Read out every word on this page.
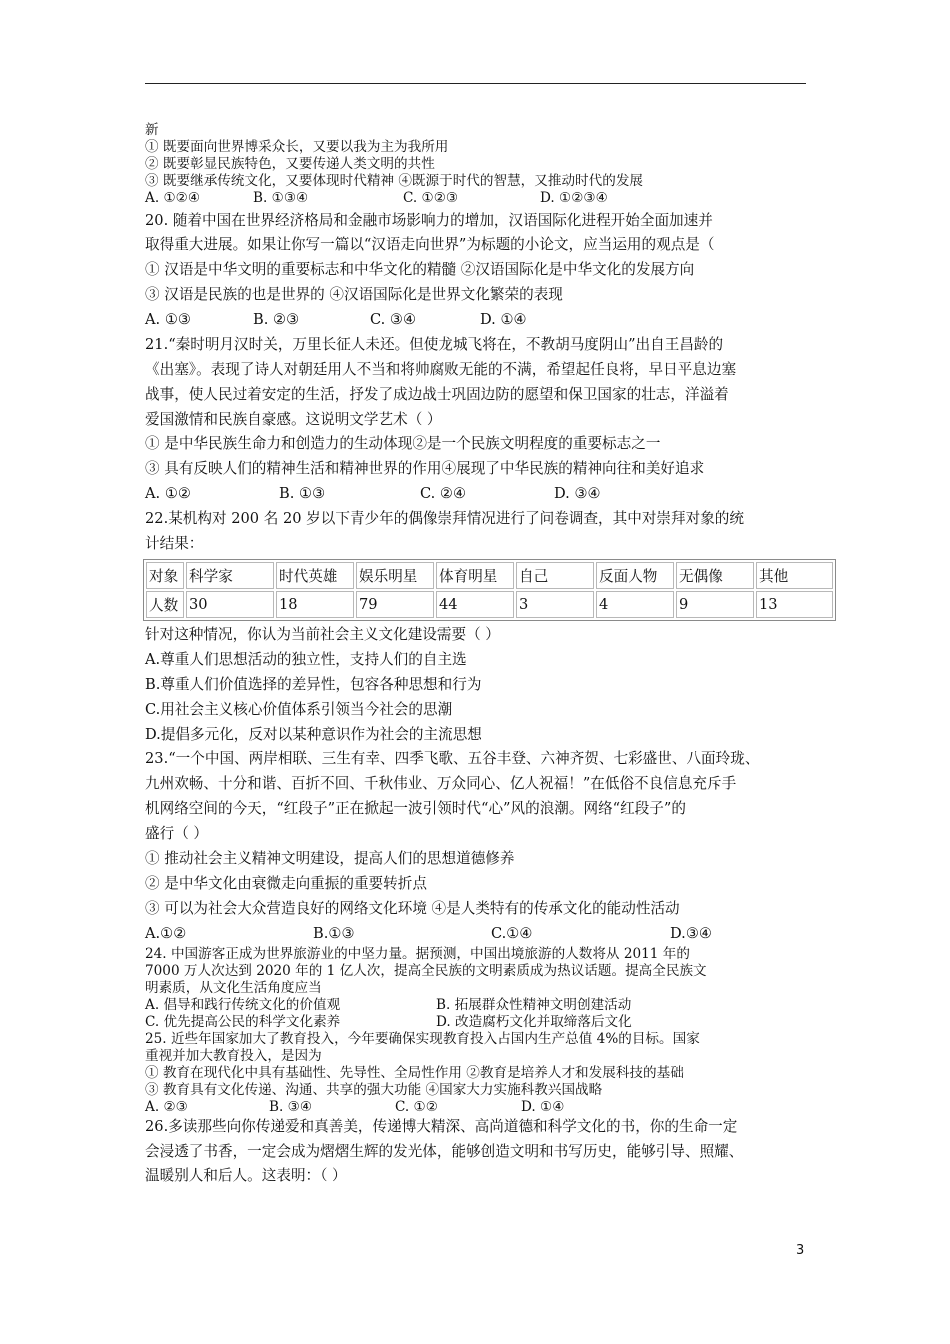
新
① 既要面向世界博采众长，又要以我为主为我所用
② 既要彰显民族特色，又要传递人类文明的共性
③ 既要继承传统文化，又要体现时代精神 ④既源于时代的智慧，又推动时代的发展
A. ①②④	B. ①③④	C. ①②③	D. ①②③④
20. 随着中国在世界经济格局和金融市场影响力的增加，汉语国际化进程开始全面加速并
取得重大进展。如果让你写一篇以“汉语走向世界”为标题的小论文，应当运用的观点是（
① 汉语是中华文明的重要标志和中华文化的精髓 ②汉语国际化是中华文化的发展方向
③ 汉语是民族的也是世界的 ④汉语国际化是世界文化繁荣的表现
A. ①③	B. ②③	C. ③④	D. ①④
21.“秦时明月汉时关，万里长征人未还。但使龙城飞将在，不教胡马度阴山”出自王昌龄的
《出塞》。表现了诗人对朝廷用人不当和将帅腐败无能的不满，希望起任良将，早日平息边塞
战事，使人民过着安定的生活，抒发了成边战士巩固边防的愿望和保卫国家的壮志，洋溢着
爱国激情和民族自豪感。这说明文学艺术（ ）
① 是中华民族生命力和创造力的生动体现②是一个民族文明程度的重要标志之一
③ 具有反映人们的精神生活和精神世界的作用④展现了中华民族的精神向往和美好追求
A. ①②	B. ①③	C. ②④	D. ③④
22.某机构对 200 名 20 岁以下青少年的偶像崇拜情况进行了问卷调查，其中对崇拜对象的统
计结果：
对象	科学家	时代英雄	娱乐明星	体育明星	自己	反面人物	无偶像	其他
人数	30	18	79	44	3	4	9	13
针对这种情况，你认为当前社会主义文化建设需要（ ）
A.尊重人们思想活动的独立性，支持人们的自主选
B.尊重人们价值选择的差异性，包容各种思想和行为
C.用社会主义核心价值体系引领当今社会的思潮
D.提倡多元化，反对以某种意识作为社会的主流思想
23.“一个中国、两岸相联、三生有幸、四季飞歌、五谷丰登、六神齐贺、七彩盛世、八面玲珑、
九州欢畅、十分和谐、百折不回、千秋伟业、万众同心、亿人祝福！”在低俗不良信息充斥手
机网络空间的今天，“红段子”正在掀起一波引领时代“心”风的浪潮。网络“红段子”的
盛行（ ）
① 推动社会主义精神文明建设，提高人们的思想道德修养
② 是中华文化由衰微走向重振的重要转折点
③ 可以为社会大众营造良好的网络文化环境 ④是人类特有的传承文化的能动性活动
A.①②	B.①③	C.①④	D.③④
24. 中国游客正成为世界旅游业的中坚力量。据预测，中国出境旅游的人数将从 2011 年的
7000 万人次达到 2020 年的 1 亿人次，提高全民族的文明素质成为热议话题。提高全民族文
明素质，从文化生活角度应当
A. 倡导和践行传统文化的价值观	B. 拓展群众性精神文明创建活动
C. 优先提高公民的科学文化素养	D. 改造腐朽文化并取缔落后文化
25. 近些年国家加大了教育投入，今年要确保实现教育投入占国内生产总值 4%的目标。国家
重视并加大教育投入，是因为
① 教育在现代化中具有基础性、先导性、全局性作用 ②教育是培养人才和发展科技的基础
③ 教育具有文化传递、沟通、共享的强大功能 ④国家大力实施科教兴国战略
A. ②③	B. ③④	C. ①②	D. ①④
26.多读那些向你传递爱和真善美，传递博大精深、高尚道德和科学文化的书，你的生命一定
会浸透了书香，一定会成为熠熠生辉的发光体，能够创造文明和书写历史，能够引导、照耀、
温暖别人和后人。这表明：（ ）
3
